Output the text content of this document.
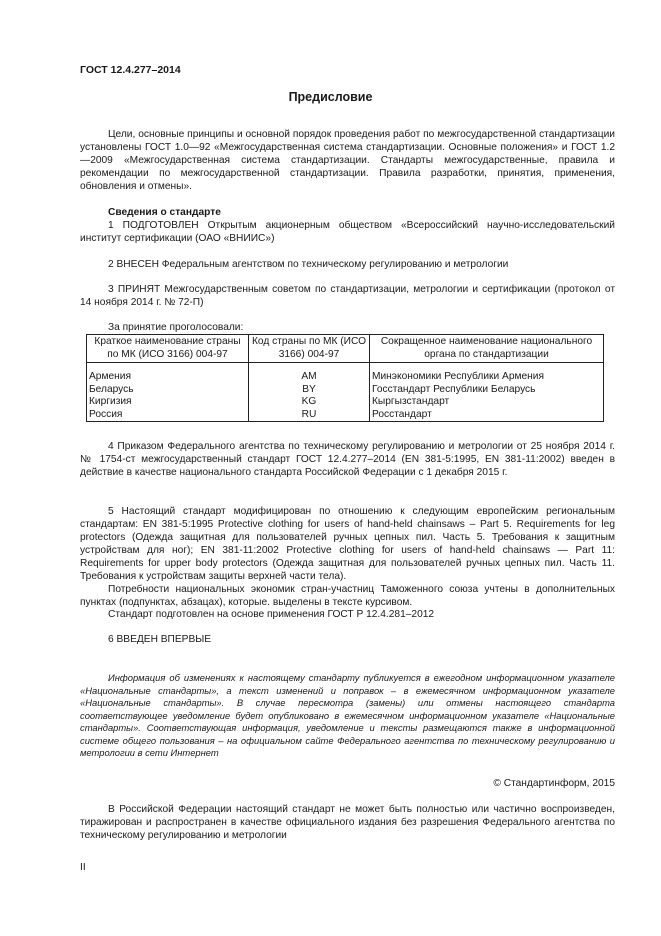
ГОСТ 12.4.277–2014
Предисловие

Цели, основные принципы и основной порядок проведения работ по межгосударственной стандартизации установлены ГОСТ 1.0—92 «Межгосударственная система стандартизации. Основные положения» и ГОСТ 1.2—2009 «Межгосударственная система стандартизации. Стандарты межгосударственные, правила и рекомендации по межгосударственной стандартизации. Правила разработки, принятия, применения, обновления и отмены».

Сведения о стандарте

1 ПОДГОТОВЛЕН Открытым акционерным обществом «Всероссийский научно-исследовательский институт сертификации (ОАО «ВНИИС»)

2 ВНЕСЕН Федеральным агентством по техническому регулированию и метрологии

3 ПРИНЯТ Межгосударственным советом по стандартизации, метрологии и сертификации (протокол от 14 ноября 2014 г. № 72-П)

За принятие проголосовали:
Краткое наименование страны по МК (ИСО 3166) 004-97	Код страны по МК (ИСО 3166) 004-97	Сокращенное наименование национального органа по стандартизации
Армения	AM	Минэкономики Республики Армения
Беларусь	BY	Госстандарт Республики Беларусь
Киргизия	KG	Кыргызстандарт
Россия	RU	Росстандарт

4 Приказом Федерального агентства по техническому регулированию и метрологии от 25 ноября 2014 г. № 1754-ст межгосударственный стандарт ГОСТ 12.4.277–2014 (EN 381-5:1995, EN 381-11:2002) введен в действие в качестве национального стандарта Российской Федерации с 1 декабря 2015 г.

5 Настоящий стандарт модифицирован по отношению к следующим европейским региональным стандартам: EN 381-5:1995 Protective clothing for users of hand-held chainsaws – Part 5. Requirements for leg protectors (Одежда защитная для пользователей ручных цепных пил. Часть 5. Требования к защитным устройствам для ног); EN 381-11:2002 Protective clothing for users of hand-held chainsaws — Part 11: Requirements for upper body protectors (Одежда защитная для пользователей ручных цепных пил. Часть 11. Требования к устройствам защиты верхней части тела).

Потребности национальных экономик стран-участниц Таможенного союза учтены в дополнительных пунктах (подпунктах, абзацах), которые. выделены в тексте курсивом.

Стандарт подготовлен на основе применения ГОСТ Р 12.4.281–2012

6 ВВЕДЕН ВПЕРВЫЕ

Информация об изменениях к настоящему стандарту публикуется в ежегодном информационном указателе «Национальные стандарты», а текст изменений и поправок – в ежемесячном информационном указателе «Национальные стандарты». В случае пересмотра (замены) или отмены настоящего стандарта соответствующее уведомление будет опубликовано в ежемесячном информационном указателе «Национальные стандарты». Соответствующая информация, уведомление и тексты размещаются также в информационной системе общего пользования – на официальном сайте Федерального агентства по техническому регулированию и метрологии в сети Интернет

© Стандартинформ, 2015

В Российской Федерации настоящий стандарт не может быть полностью или частично воспроизведен, тиражирован и распространен в качестве официального издания без разрешения Федерального агентства по техническому регулированию и метрологии

II
